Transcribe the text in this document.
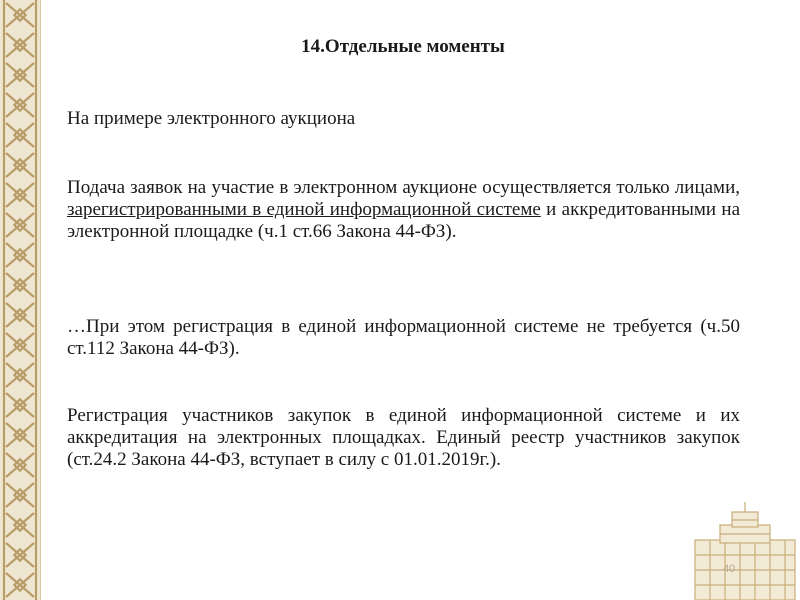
14.Отдельные моменты
На примере электронного аукциона
Подача заявок на участие в электронном аукционе осуществляется только лицами, зарегистрированными в единой информационной системе и аккредитованными на электронной площадке (ч.1 ст.66 Закона 44-ФЗ).
…При этом регистрация в единой информационной системе не требуется (ч.50 ст.112 Закона 44-ФЗ).
Регистрация участников закупок в единой информационной системе и их аккредитация на электронных площадках. Единый реестр участников закупок (ст.24.2 Закона 44-ФЗ, вступает в силу с 01.01.2019г.).
40
